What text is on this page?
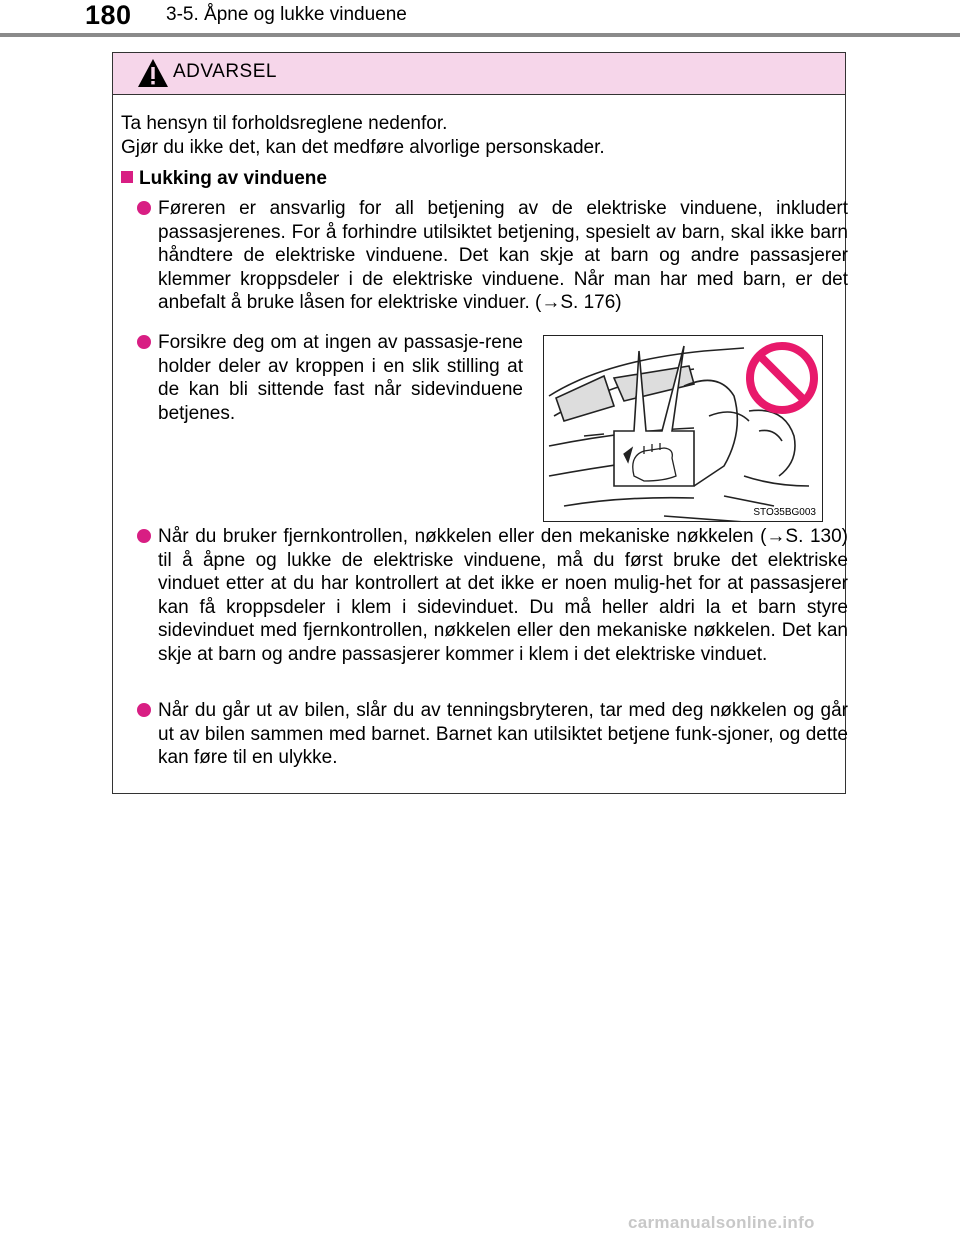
180 3-5. Åpne og lukke vinduene
ADVARSEL
Ta hensyn til forholdsreglene nedenfor.
Gjør du ikke det, kan det medføre alvorlige personskader.
Lukking av vinduene
Føreren er ansvarlig for all betjening av de elektriske vinduene, inkludert passasjerenes. For å forhindre utilsiktet betjening, spesielt av barn, skal ikke barn håndtere de elektriske vinduene. Det kan skje at barn og andre passasjerer klemmer kroppsdeler i de elektriske vinduene. Når man har med barn, er det anbefalt å bruke låsen for elektriske vinduer. (→S. 176)
Forsikre deg om at ingen av passasje-rene holder deler av kroppen i en slik stilling at de kan bli sittende fast når sidevinduene betjenes.
STO35BG003
Når du bruker fjernkontrollen, nøkkelen eller den mekaniske nøkkelen (→S. 130) til å åpne og lukke de elektriske vinduene, må du først bruke det elektriske vinduet etter at du har kontrollert at det ikke er noen mulig-het for at passasjerer kan få kroppsdeler i klem i sidevinduet. Du må heller aldri la et barn styre sidevinduet med fjernkontrollen, nøkkelen eller den mekaniske nøkkelen. Det kan skje at barn og andre passasjerer kommer i klem i det elektriske vinduet.
Når du går ut av bilen, slår du av tenningsbryteren, tar med deg nøkkelen og går ut av bilen sammen med barnet. Barnet kan utilsiktet betjene funk-sjoner, og dette kan føre til en ulykke.
carmanualsonline.info
